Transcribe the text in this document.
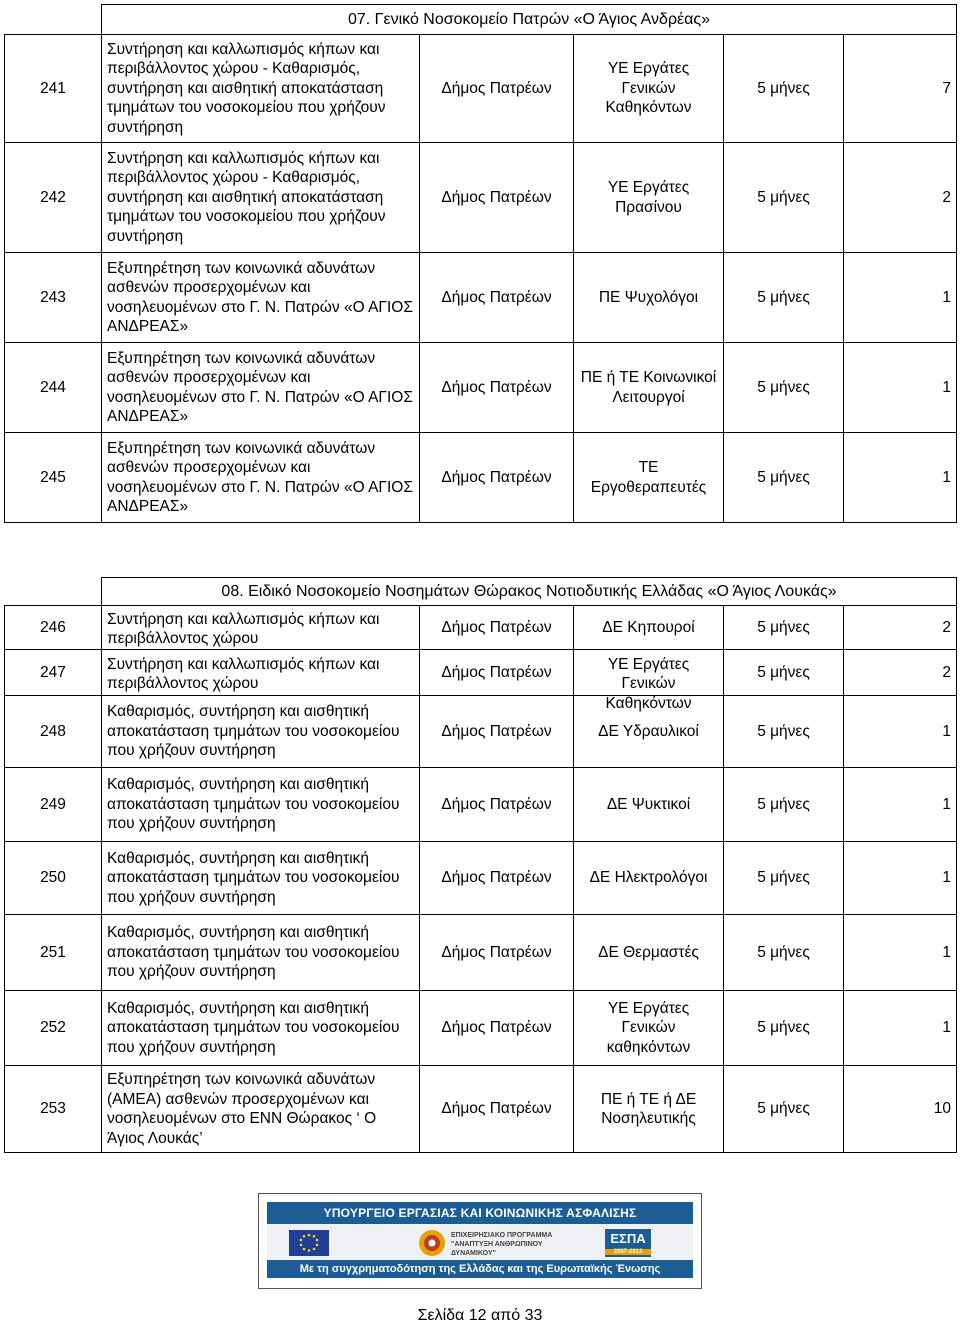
	07. Γενικό Νοσοκομείο Πατρών «Ο Άγιος Ανδρέας»				
241	Συντήρηση και καλλωπισμός κήπων και περιβάλλοντος χώρου - Καθαρισμός, συντήρηση και αισθητική αποκατάσταση τμημάτων του νοσοκομείου που χρήζουν συντήρηση	Δήμος Πατρέων	ΥΕ Εργάτες Γενικών Καθηκόντων	5 μήνες	7
242	Συντήρηση και καλλωπισμός κήπων και περιβάλλοντος χώρου - Καθαρισμός, συντήρηση και αισθητική αποκατάσταση τμημάτων του νοσοκομείου που χρήζουν συντήρηση	Δήμος Πατρέων	ΥΕ Εργάτες Πρασίνου	5 μήνες	2
243	Εξυπηρέτηση των κοινωνικά αδυνάτων ασθενών προσερχομένων και νοσηλευομένων στο Γ. Ν. Πατρών «Ο ΑΓΙΟΣ ΑΝΔΡΕΑΣ»	Δήμος Πατρέων	ΠΕ Ψυχολόγοι	5 μήνες	1
244	Εξυπηρέτηση των κοινωνικά αδυνάτων ασθενών προσερχομένων και νοσηλευομένων στο Γ. Ν. Πατρών «Ο ΑΓΙΟΣ ΑΝΔΡΕΑΣ»	Δήμος Πατρέων	ΠΕ ή ΤΕ Κοινωνικοί Λειτουργοί	5 μήνες	1
245	Εξυπηρέτηση των κοινωνικά αδυνάτων ασθενών προσερχομένων και νοσηλευομένων στο Γ. Ν. Πατρών «Ο ΑΓΙΟΣ ΑΝΔΡΕΑΣ»	Δήμος Πατρέων	ΤΕ Εργοθεραπευτές	5 μήνες	1
	08. Ειδικό Νοσοκομείο Νοσημάτων Θώρακος Νοτιοδυτικής Ελλάδας «Ο Άγιος Λουκάς»				
246	Συντήρηση και καλλωπισμός κήπων και περιβάλλοντος χώρου	Δήμος Πατρέων	ΔΕ Κηπουροί	5 μήνες	2
247	Συντήρηση και καλλωπισμός κήπων και περιβάλλοντος χώρου	Δήμος Πατρέων	ΥΕ Εργάτες Γενικών Καθηκόντων	5 μήνες	2
248	Καθαρισμός, συντήρηση και αισθητική αποκατάσταση τμημάτων του νοσοκομείου που χρήζουν συντήρηση	Δήμος Πατρέων	ΔΕ Υδραυλικοί	5 μήνες	1
249	Καθαρισμός, συντήρηση και αισθητική αποκατάσταση τμημάτων του νοσοκομείου που χρήζουν συντήρηση	Δήμος Πατρέων	ΔΕ Ψυκτικοί	5 μήνες	1
250	Καθαρισμός, συντήρηση και αισθητική αποκατάσταση τμημάτων του νοσοκομείου που χρήζουν συντήρηση	Δήμος Πατρέων	ΔΕ Ηλεκτρολόγοι	5 μήνες	1
251	Καθαρισμός, συντήρηση και αισθητική αποκατάσταση τμημάτων του νοσοκομείου που χρήζουν συντήρηση	Δήμος Πατρέων	ΔΕ Θερμαστές	5 μήνες	1
252	Καθαρισμός, συντήρηση και αισθητική αποκατάσταση τμημάτων του νοσοκομείου που χρήζουν συντήρηση	Δήμος Πατρέων	ΥΕ Εργάτες Γενικών καθηκόντων	5 μήνες	1
253	Εξυπηρέτηση των κοινωνικά αδυνάτων (ΑΜΕΑ) ασθενών προσερχομένων και νοσηλευομένων στο ΕΝΝ Θώρακος ‘ Ο Άγιος Λουκάς’	Δήμος Πατρέων	ΠΕ ή ΤΕ ή ΔΕ Νοσηλευτικής	5 μήνες	10
ΥΠΟΥΡΓΕΙΟ ΕΡΓΑΣΙΑΣ ΚΑΙ ΚΟΙΝΩΝΙΚΗΣ ΑΣΦΑΛΙΣΗΣ
ΕΠΙΧΕΙΡΗΣΙΑΚΟ ΠΡΟΓΡΑΜΜΑ "ΑΝΑΠΤΥΞΗ ΑΝΘΡΩΠΙΝΟΥ ΔΥΝΑΜΙΚΟΥ"
ΕΣΠΑ
2007-2013
Με τη συγχρηματοδότηση της Ελλάδας και της Ευρωπαϊκής Ένωσης
Σελίδα 12 από 33
